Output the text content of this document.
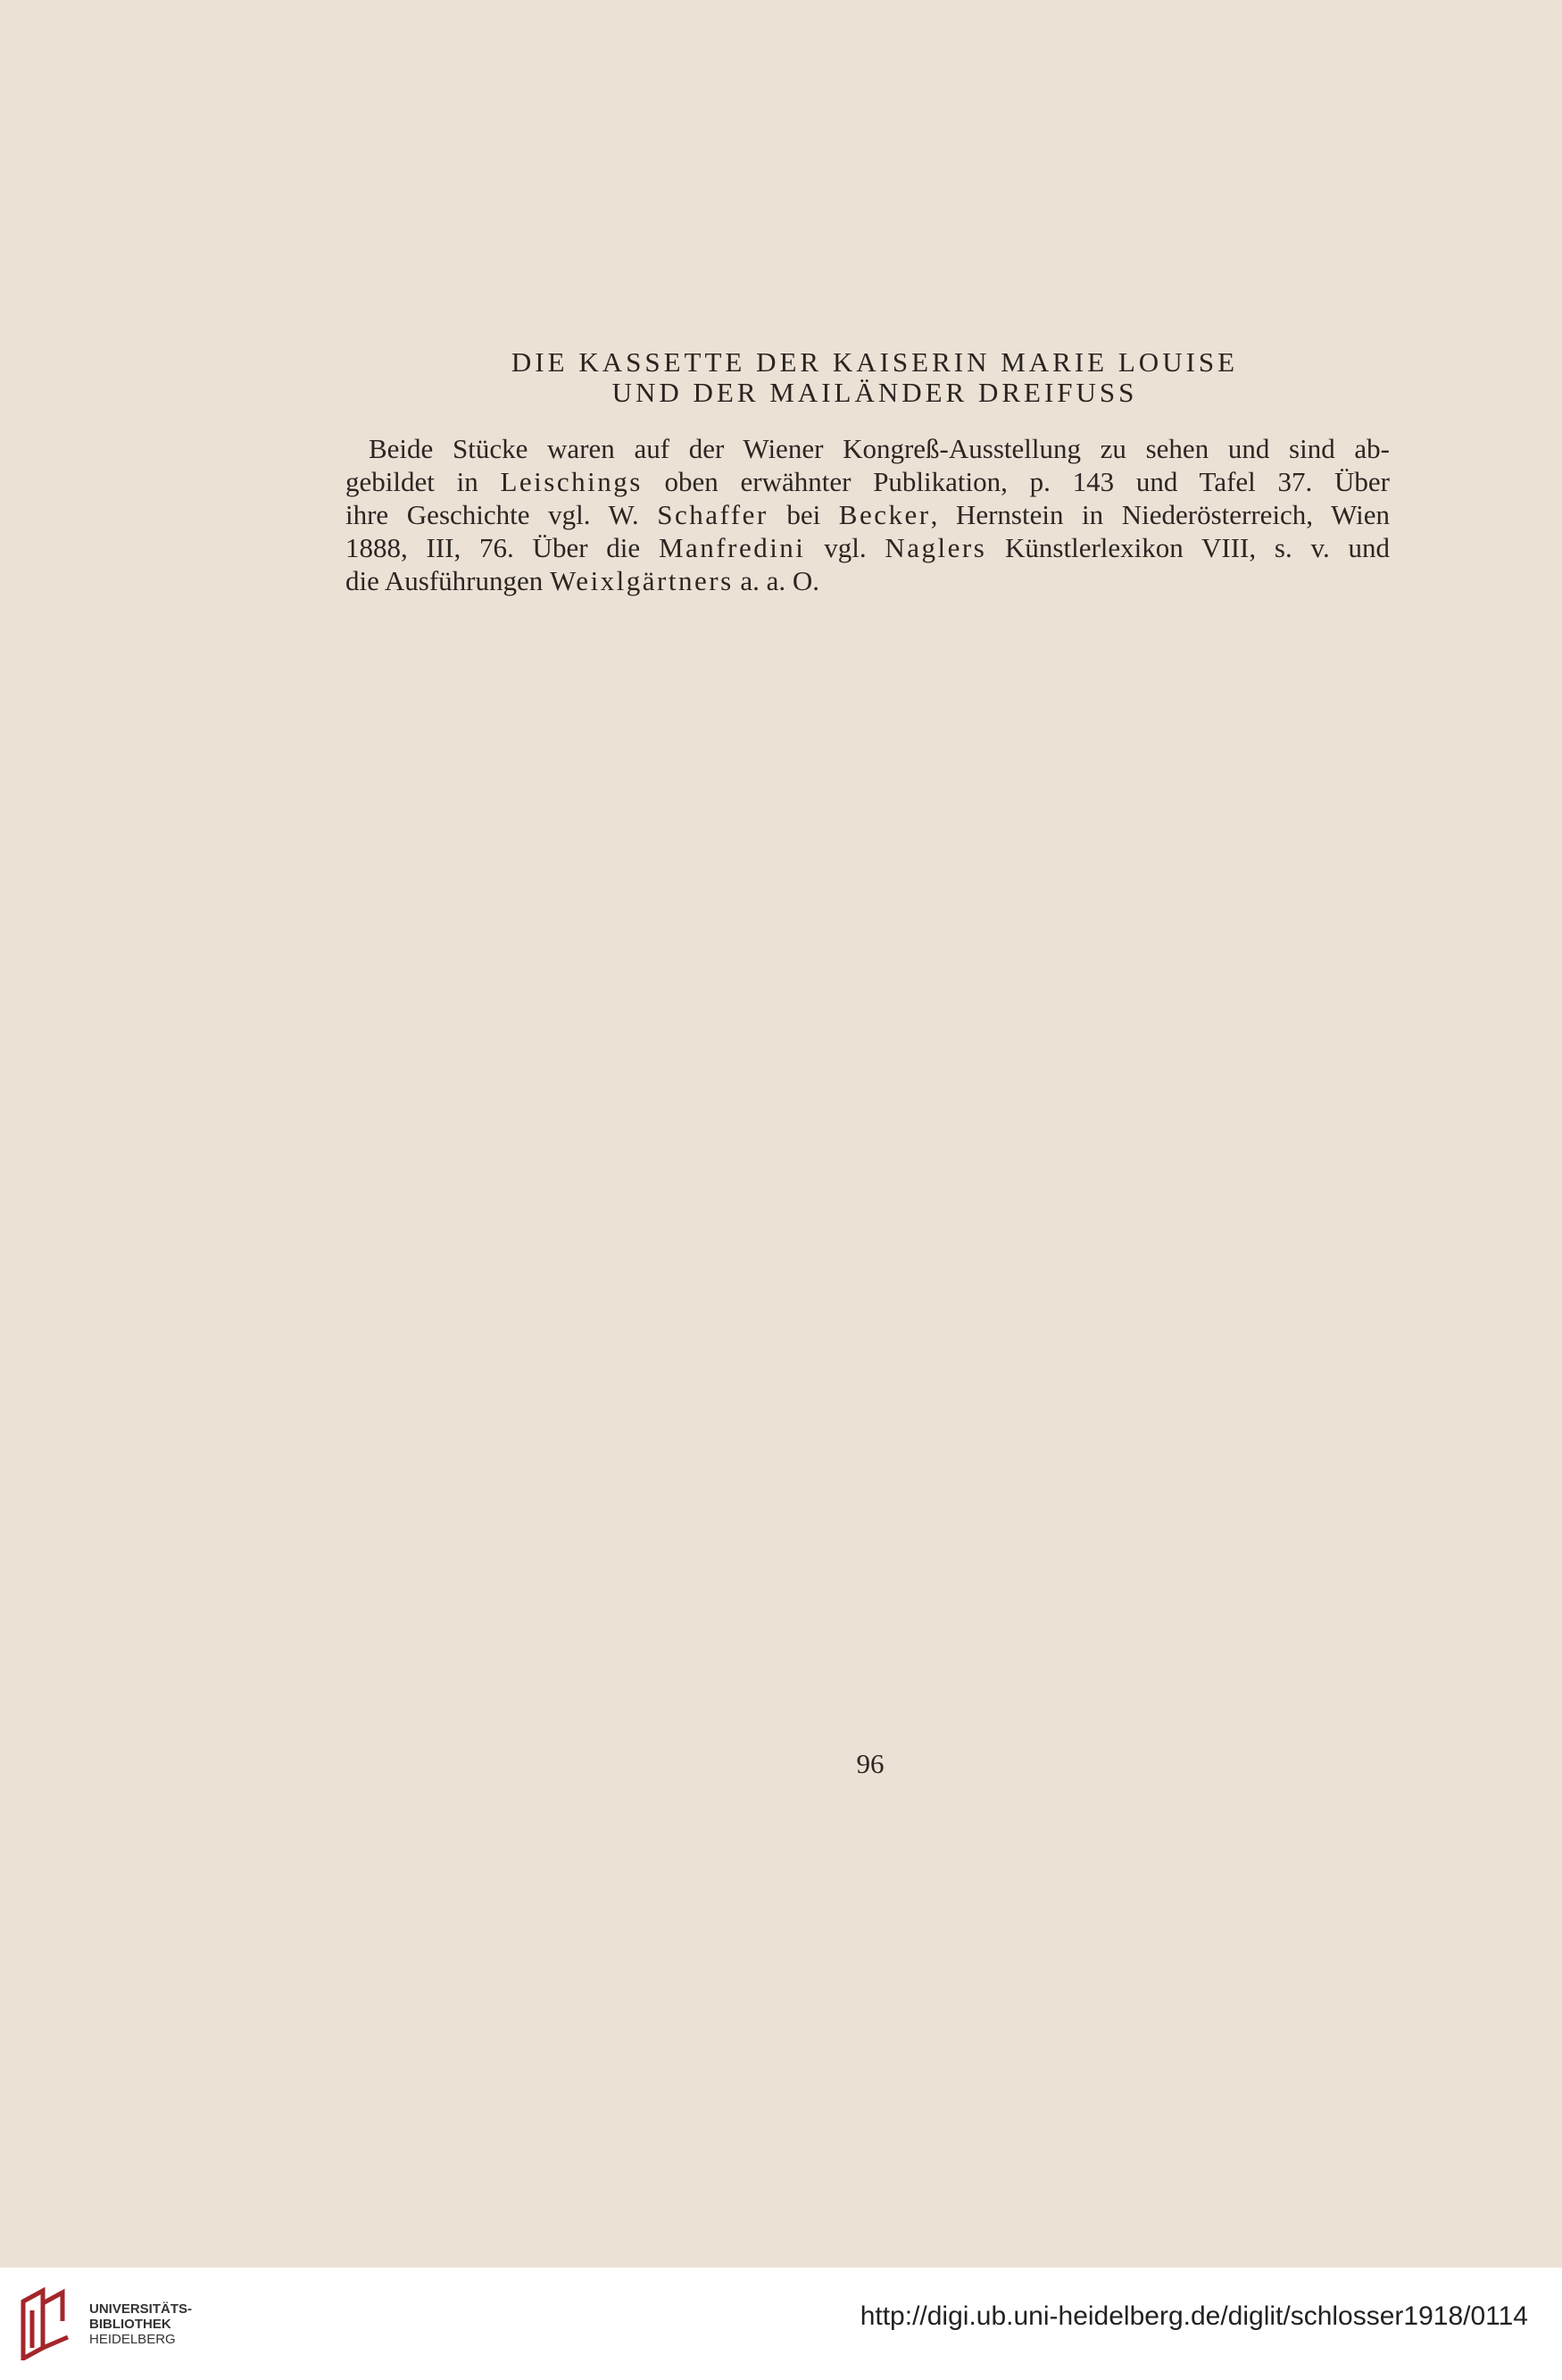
DIE KASSETTE DER KAISERIN MARIE LOUISE
UND DER MAILÄNDER DREIFUSS
Beide Stücke waren auf der Wiener Kongreß-Ausstellung zu sehen und sind ab-
gebildet in Leischings oben erwähnter Publikation, p. 143 und Tafel 37. Über
ihre Geschichte vgl. W. Schaffer bei Becker, Hernstein in Niederösterreich, Wien
1888, III, 76. Über die Manfredini vgl. Naglers Künstlerlexikon VIII, s. v. und
die Ausführungen Weixlgärtners a. a. O.
96
UNIVERSITÄTS-
BIBLIOTHEK
HEIDELBERG
http://digi.ub.uni-heidelberg.de/diglit/schlosser1918/0114
